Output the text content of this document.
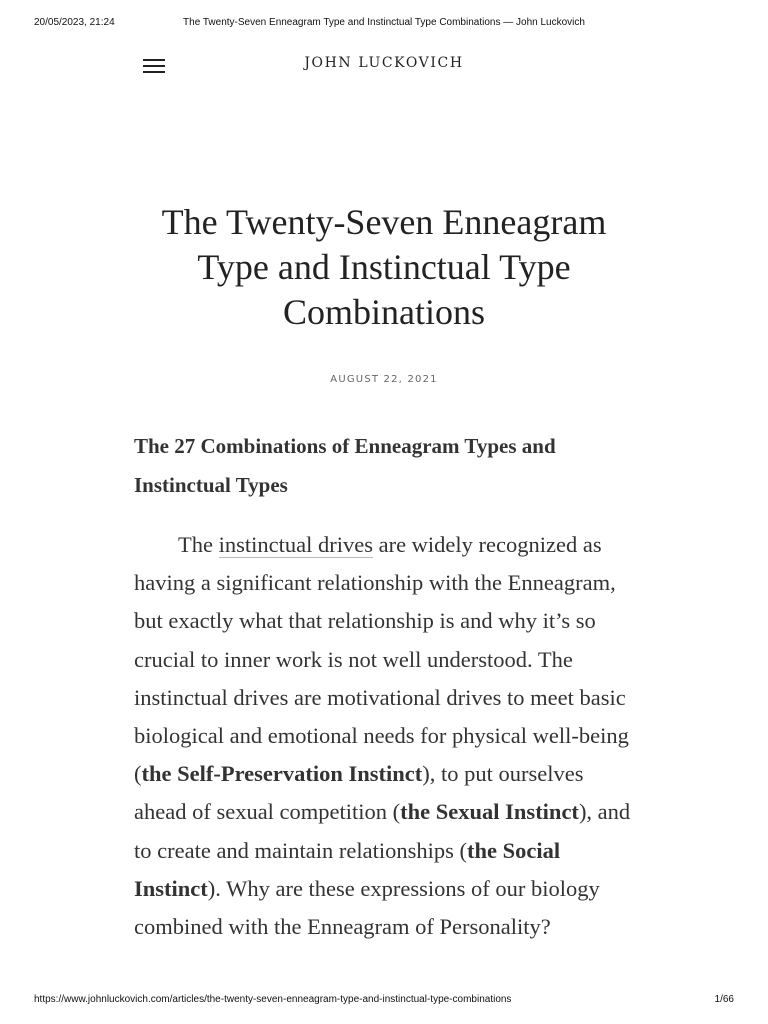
20/05/2023, 21:24	The Twenty-Seven Enneagram Type and Instinctual Type Combinations — John Luckovich
JOHN LUCKOVICH
The Twenty-Seven Enneagram Type and Instinctual Type Combinations
AUGUST 22, 2021
The 27 Combinations of Enneagram Types and Instinctual Types

The instinctual drives are widely recognized as having a significant relationship with the Enneagram, but exactly what that relationship is and why it’s so crucial to inner work is not well understood. The instinctual drives are motivational drives to meet basic biological and emotional needs for physical well-being (the Self-Preservation Instinct), to put ourselves ahead of sexual competition (the Sexual Instinct), and to create and maintain relationships (the Social Instinct). Why are these expressions of our biology combined with the Enneagram of Personality?

https://www.johnluckovich.com/articles/the-twenty-seven-enneagram-type-and-instinctual-type-combinations	1/66
